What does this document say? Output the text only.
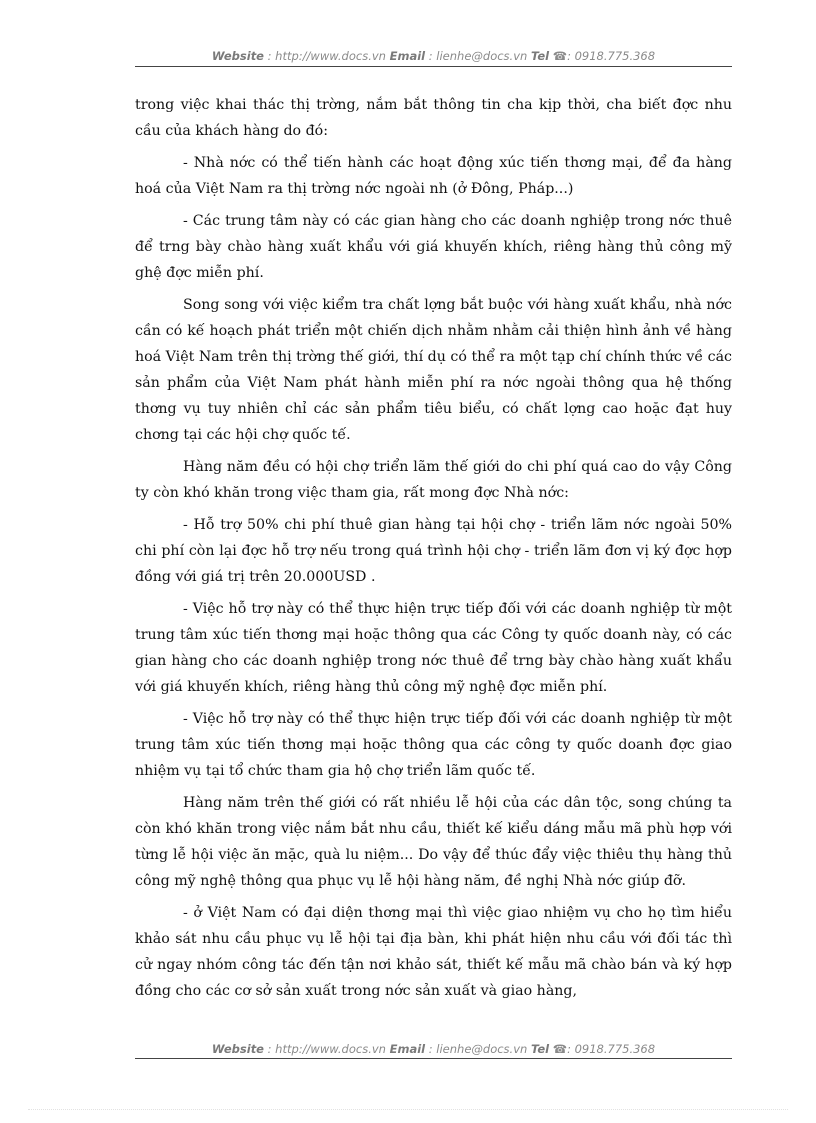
Website : http://www.docs.vn Email : lienhe@docs.vn Tel ☎: 0918.775.368

trong việc khai thác thị trờng, nắm bắt thông tin cha kịp thời, cha biết đợc nhu cầu của khách hàng do đó:

- Nhà nớc có thể tiến hành các hoạt động xúc tiến thơng mại, để đa hàng hoá của Việt Nam ra thị trờng nớc ngoài nh (ở Đông, Pháp...)

- Các trung tâm này có các gian hàng cho các doanh nghiệp trong nớc thuê để trng bày chào hàng xuất khẩu với giá khuyến khích, riêng hàng thủ công mỹ ghệ đợc miễn phí.

Song song với việc kiểm tra chất lợng bắt buộc với hàng xuất khẩu, nhà nớc cần có kế hoạch phát triển một chiến dịch nhằm nhằm cải thiện hình ảnh về hàng hoá Việt Nam trên thị trờng thế giới, thí dụ có thể ra một tạp chí chính thức về các sản phẩm của Việt Nam phát hành miễn phí ra nớc ngoài thông qua hệ thống thơng vụ tuy nhiên chỉ các sản phẩm tiêu biểu, có chất lợng cao hoặc đạt huy chơng tại các hội chợ quốc tế.

Hàng năm đều có hội chợ triển lãm thế giới do chi phí quá cao do vậy Công ty còn khó khăn trong việc tham gia, rất mong đợc Nhà nớc:

- Hỗ trợ 50% chi phí thuê gian hàng tại hội chợ - triển lãm nớc ngoài 50% chi phí còn lại đợc hỗ trợ nếu trong quá trình hội chợ - triển lãm đơn vị ký đợc hợp đồng với giá trị trên 20.000USD .

- Việc hỗ trợ này có thể thực hiện trực tiếp đối với các doanh nghiệp từ một trung tâm xúc tiến thơng mại hoặc thông qua các Công ty quốc doanh này, có các gian hàng cho các doanh nghiệp trong nớc thuê để trng bày chào hàng xuất khẩu với giá khuyến khích, riêng hàng thủ công mỹ nghệ đợc miễn phí.

- Việc hỗ trợ này có thể thực hiện trực tiếp đối với các doanh nghiệp từ một trung tâm xúc tiến thơng mại hoặc thông qua các công ty quốc doanh đợc giao nhiệm vụ tại tổ chức tham gia hộ chợ triển lãm quốc tế.

Hàng năm trên thế giới có rất nhiều lễ hội của các dân tộc, song chúng ta còn khó khăn trong việc nắm bắt nhu cầu, thiết kế kiểu dáng mẫu mã phù hợp với từng lễ hội việc ăn mặc, quà lu niệm... Do vậy để thúc đẩy việc thiêu thụ hàng thủ công mỹ nghệ thông qua phục vụ lễ hội hàng năm, đề nghị Nhà nớc giúp đỡ.

- ở Việt Nam có đại diện thơng mại thì việc giao nhiệm vụ cho họ tìm hiểu khảo sát nhu cầu phục vụ lễ hội tại địa bàn, khi phát hiện nhu cầu với đối tác thì cử ngay nhóm công tác đến tận nơi khảo sát, thiết kế mẫu mã chào bán và ký hợp đồng cho các cơ sở sản xuất trong nớc sản xuất và giao hàng,

Website : http://www.docs.vn Email : lienhe@docs.vn Tel ☎: 0918.775.368
